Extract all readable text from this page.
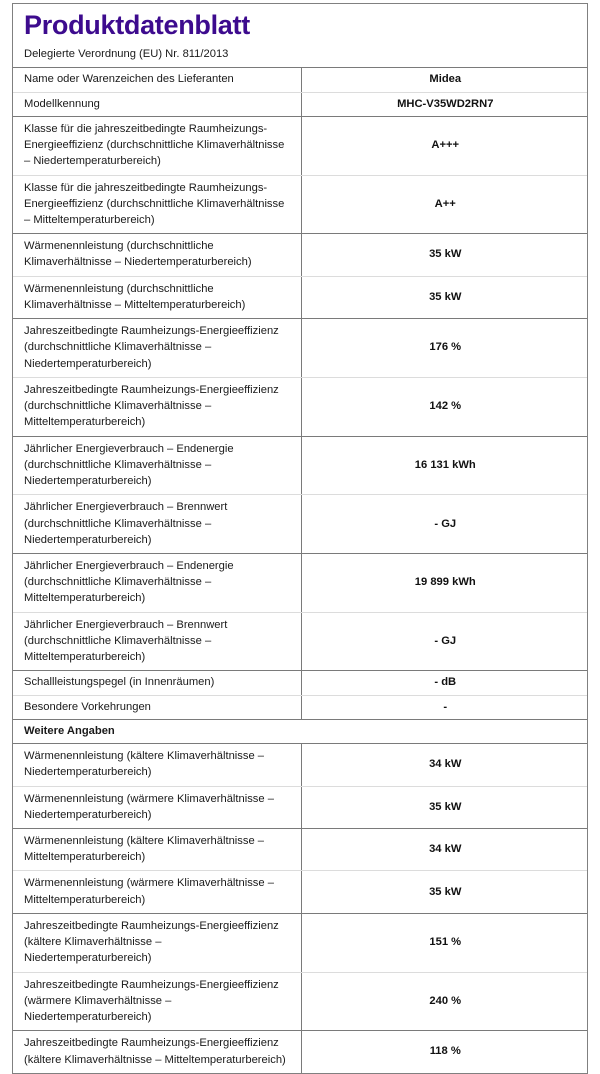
Produktdatenblatt
Delegierte Verordnung (EU) Nr. 811/2013
Name oder Warenzeichen des Lieferanten	Midea
Modellkennung	MHC-V35WD2RN7
Klasse für die jahreszeitbedingte Raumheizungs-Energieeffizienz (durchschnittliche Klimaverhältnisse – Niedertemperaturbereich)	A+++
Klasse für die jahreszeitbedingte Raumheizungs-Energieeffizienz (durchschnittliche Klimaverhältnisse – Mitteltemperaturbereich)	A++
Wärmenennleistung (durchschnittliche Klimaverhältnisse – Niedertemperaturbereich)	35 kW
Wärmenennleistung (durchschnittliche Klimaverhältnisse – Mitteltemperaturbereich)	35 kW
Jahreszeitbedingte Raumheizungs-Energieeffizienz (durchschnittliche Klimaverhältnisse – Niedertemperaturbereich)	176 %
Jahreszeitbedingte Raumheizungs-Energieeffizienz (durchschnittliche Klimaverhältnisse – Mitteltemperaturbereich)	142 %
Jährlicher Energieverbrauch – Endenergie (durchschnittliche Klimaverhältnisse – Niedertemperaturbereich)	16 131 kWh
Jährlicher Energieverbrauch – Brennwert (durchschnittliche Klimaverhältnisse – Niedertemperaturbereich)	- GJ
Jährlicher Energieverbrauch – Endenergie (durchschnittliche Klimaverhältnisse – Mitteltemperaturbereich)	19 899 kWh
Jährlicher Energieverbrauch – Brennwert (durchschnittliche Klimaverhältnisse – Mitteltemperaturbereich)	- GJ
Schallleistungspegel (in Innenräumen)	- dB
Besondere Vorkehrungen	-
Weitere Angaben	
Wärmenennleistung (kältere Klimaverhältnisse – Niedertemperaturbereich)	34 kW
Wärmenennleistung (wärmere Klimaverhältnisse – Niedertemperaturbereich)	35 kW
Wärmenennleistung (kältere Klimaverhältnisse – Mitteltemperaturbereich)	34 kW
Wärmenennleistung (wärmere Klimaverhältnisse – Mitteltemperaturbereich)	35 kW
Jahreszeitbedingte Raumheizungs-Energieeffizienz (kältere Klimaverhältnisse – Niedertemperaturbereich)	151 %
Jahreszeitbedingte Raumheizungs-Energieeffizienz (wärmere Klimaverhältnisse – Niedertemperaturbereich)	240 %
Jahreszeitbedingte Raumheizungs-Energieeffizienz (kältere Klimaverhältnisse – Mitteltemperaturbereich)	118 %
